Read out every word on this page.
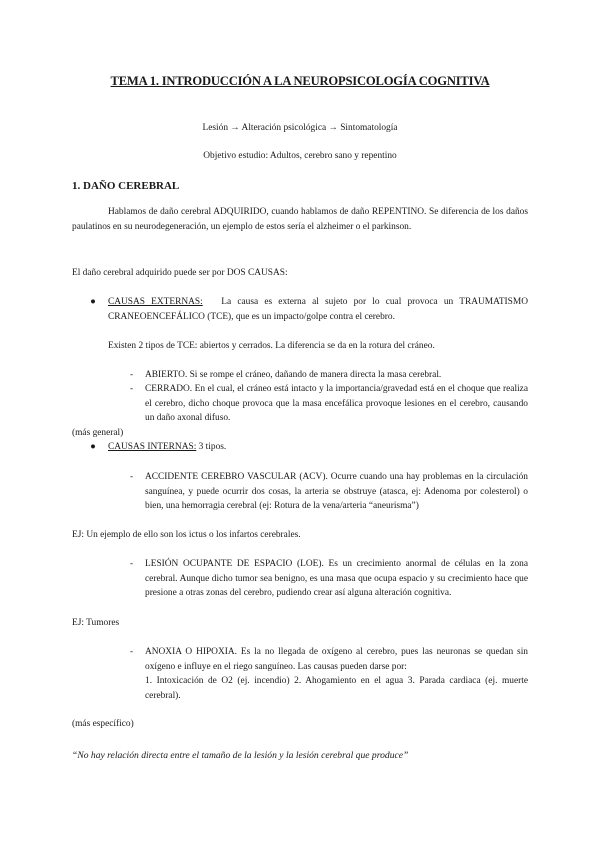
TEMA 1. INTRODUCCIÓN A LA NEUROPSICOLOGÍA COGNITIVA
Lesión → Alteración psicológica → Sintomatología
Objetivo estudio: Adultos, cerebro sano y repentino
1. DAÑO CEREBRAL
Hablamos de daño cerebral ADQUIRIDO, cuando hablamos de daño REPENTINO. Se diferencia de los daños paulatinos en su neurodegeneración, un ejemplo de estos sería el alzheimer o el parkinson.
El daño cerebral adquirido puede ser por DOS CAUSAS:
●	CAUSAS EXTERNAS: La causa es externa al sujeto por lo cual provoca un TRAUMATISMO CRANEOENCEFÁLICO (TCE), que es un impacto/golpe contra el cerebro.
Existen 2 tipos de TCE: abiertos y cerrados. La diferencia se da en la rotura del cráneo.
- ABIERTO. Si se rompe el cráneo, dañando de manera directa la masa cerebral.
- CERRADO. En el cual, el cráneo está intacto y la importancia/gravedad está en el choque que realiza el cerebro, dicho choque provoca que la masa encefálica provoque lesiones en el cerebro, causando un daño axonal difuso.
(más general)
●	CAUSAS INTERNAS: 3 tipos.
- ACCIDENTE CEREBRO VASCULAR (ACV). Ocurre cuando una hay problemas en la circulación sanguínea, y puede ocurrir dos cosas, la arteria se obstruye (atasca, ej: Adenoma por colesterol) o bien, una hemorragia cerebral (ej: Rotura de la vena/arteria “aneurisma”)
EJ: Un ejemplo de ello son los ictus o los infartos cerebrales.
- LESIÓN OCUPANTE DE ESPACIO (LOE). Es un crecimiento anormal de células en la zona cerebral. Aunque dicho tumor sea benigno, es una masa que ocupa espacio y su crecimiento hace que presione a otras zonas del cerebro, pudiendo crear así alguna alteración cognitiva.
EJ: Tumores
- ANOXIA O HIPOXIA. Es la no llegada de oxígeno al cerebro, pues las neuronas se quedan sin oxígeno e influye en el riego sanguíneo. Las causas pueden darse por:
1. Intoxicación de O2 (ej. incendio) 2. Ahogamiento en el agua 3. Parada cardiaca (ej. muerte cerebral).
(más específico)
“No hay relación directa entre el tamaño de la lesión y la lesión cerebral que produce”
